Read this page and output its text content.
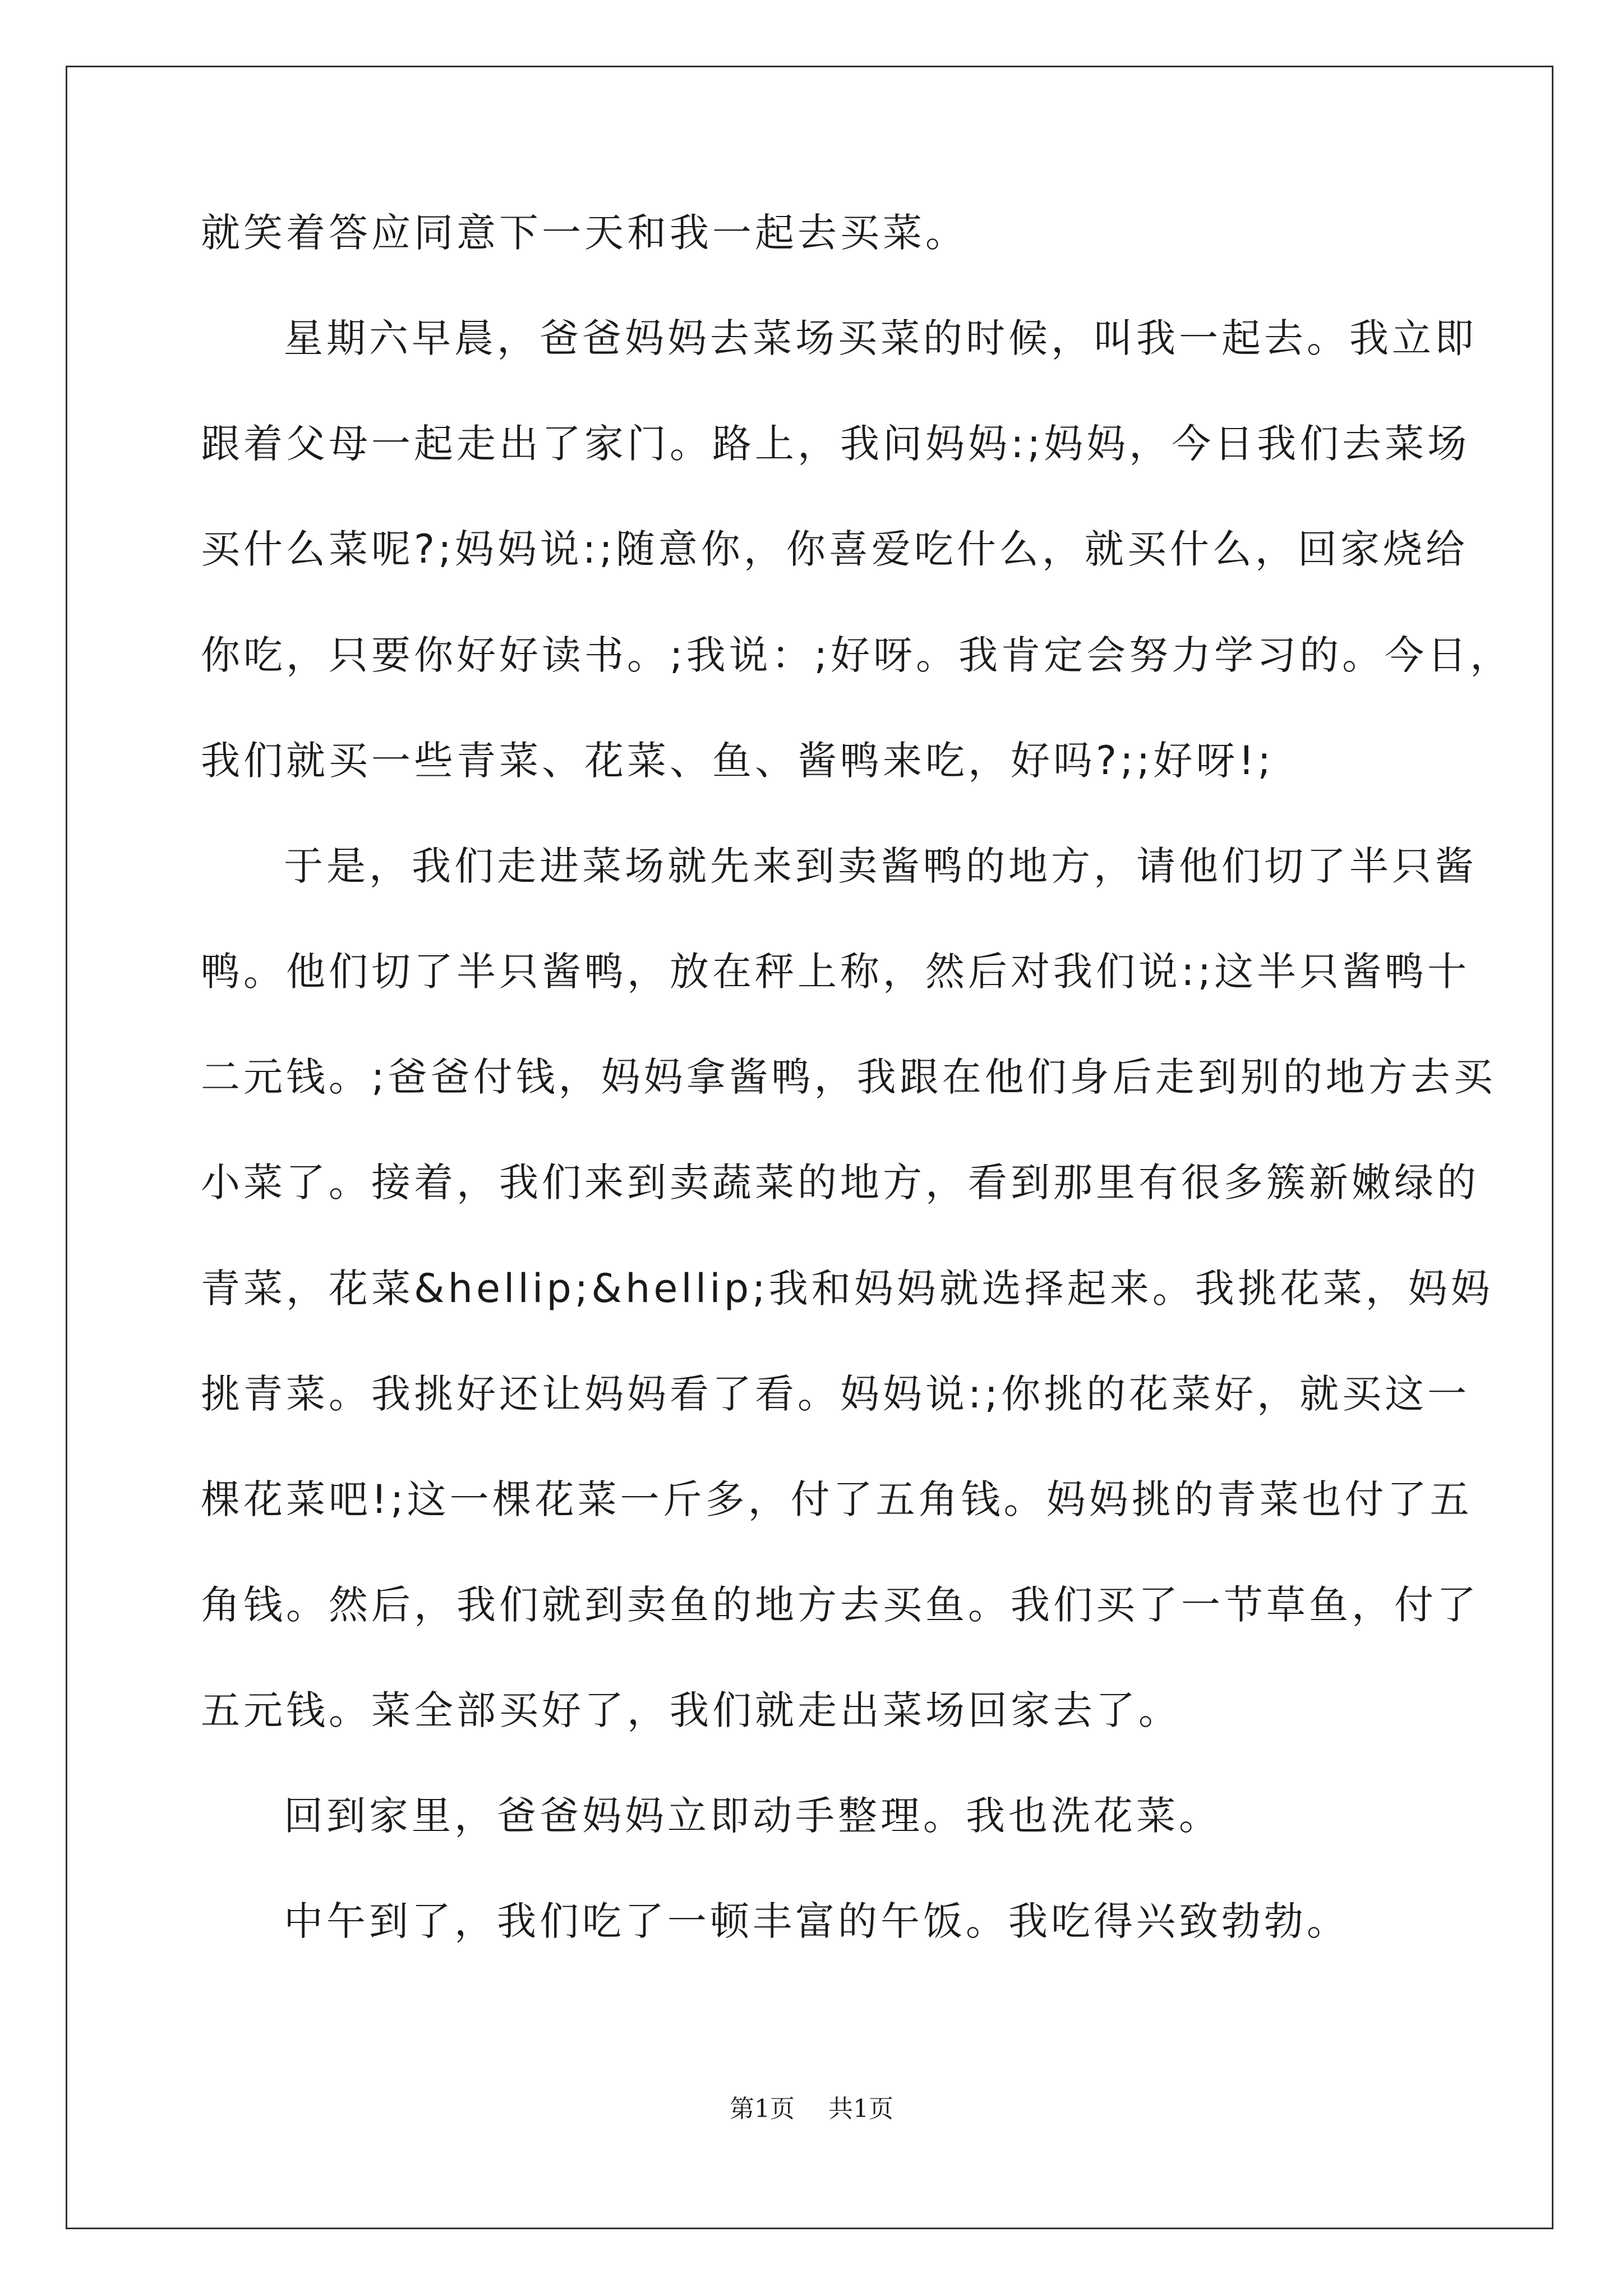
就笑着答应同意下一天和我一起去买菜。
星期六早晨，爸爸妈妈去菜场买菜的时候，叫我一起去。我立即
跟着父母一起走出了家门。路上，我问妈妈:;妈妈，今日我们去菜场
买什么菜呢?;妈妈说:;随意你，你喜爱吃什么，就买什么，回家烧给
你吃，只要你好好读书。;我说：;好呀。我肯定会努力学习的。今日，
我们就买一些青菜、花菜、鱼、酱鸭来吃，好吗?;;好呀!;
于是，我们走进菜场就先来到卖酱鸭的地方，请他们切了半只酱
鸭。他们切了半只酱鸭，放在秤上称，然后对我们说:;这半只酱鸭十
二元钱。;爸爸付钱，妈妈拿酱鸭，我跟在他们身后走到别的地方去买
小菜了。接着，我们来到卖蔬菜的地方，看到那里有很多簇新嫩绿的
青菜，花菜&hellip;&hellip;我和妈妈就选择起来。我挑花菜，妈妈
挑青菜。我挑好还让妈妈看了看。妈妈说:;你挑的花菜好，就买这一
棵花菜吧!;这一棵花菜一斤多，付了五角钱。妈妈挑的青菜也付了五
角钱。然后，我们就到卖鱼的地方去买鱼。我们买了一节草鱼，付了
五元钱。菜全部买好了，我们就走出菜场回家去了。
回到家里，爸爸妈妈立即动手整理。我也洗花菜。
中午到了，我们吃了一顿丰富的午饭。我吃得兴致勃勃。
第1页 共1页
